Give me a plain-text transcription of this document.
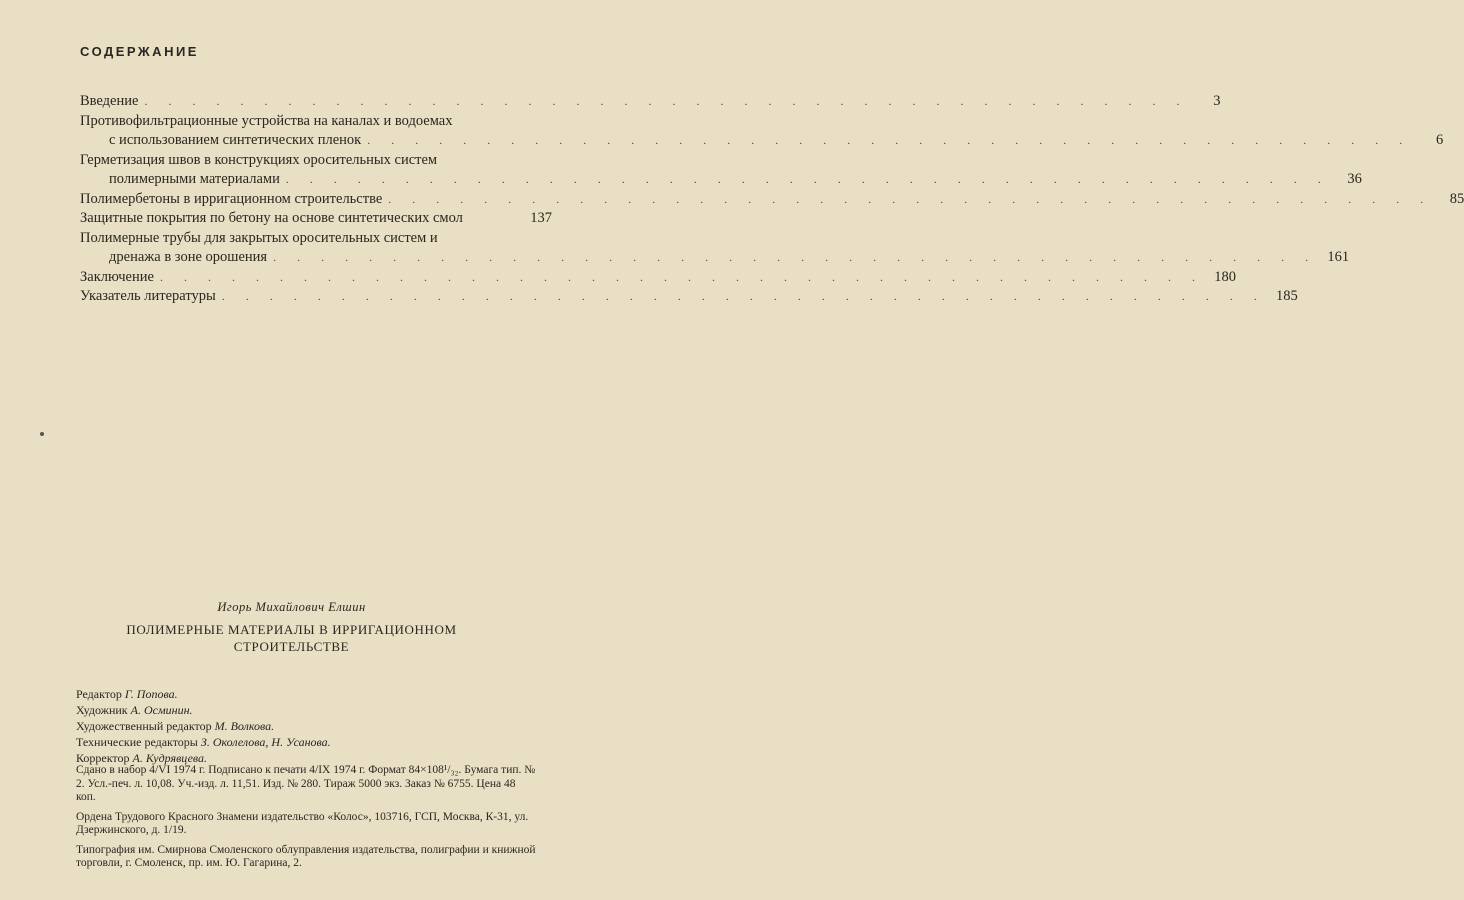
СОДЕРЖАНИЕ
Введение . . . . . . . . . . . . . . . . . . . . . . . . . . . . . . . . . . . . . . . . . . . .	3
Противофильтрационные устройства на каналах и водоемах
с использованием синтетических пленок . . . . . . . . . . . . . . . . . . . . . . . . . . . . . . . . . . . . . . . . . . . .	6
Герметизация швов в конструкциях оросительных систем
полимерными материалами . . . . . . . . . . . . . . . . . . . . . . . . . . . . . . . . . . . . . . . . . . . .	36
Полимербетоны в ирригационном строительстве . . . . . . . . . . . . . . . . . . . . . . . . . . . . . . . . . . . . . . . . . . . .	85
Защитные покрытия по бетону на основе синтетических смол	137
Полимерные трубы для закрытых оросительных систем и
дренажа в зоне орошения . . . . . . . . . . . . . . . . . . . . . . . . . . . . . . . . . . . . . . . . . . . . 161
Заключение . . . . . . . . . . . . . . . . . . . . . . . . . . . . . . . . . . . . . . . . . . . . 180
Указатель литературы . . . . . . . . . . . . . . . . . . . . . . . . . . . . . . . . . . . . . . . . . . . . 185
Игорь Михайлович Елшин
ПОЛИМЕРНЫЕ МАТЕРИАЛЫ В ИРРИГАЦИОННОМ
СТРОИТЕЛЬСТВЕ
Редактор Г. Попова.
Художник А. Осминин.
Художественный редактор М. Волкова.
Технические редакторы З. Околелова, Н. Усанова.
Корректор А. Кудрявцева.

Сдано в набор 4/VI 1974 г. Подписано к печати 4/IX 1974 г. Формат 84×108¹/₃₂. Бумага тип. № 2. Усл.-печ. л. 10,08. Уч.-изд. л. 11,51. Изд. № 280. Тираж 5000 экз. Заказ № 6755. Цена 48 коп.

Ордена Трудового Красного Знамени издательство «Колос», 103716, ГСП, Москва, К-31, ул. Дзержинского, д. 1/19.

Типография им. Смирнова Смоленского облуправления издательства, полиграфии и книжной торговли, г. Смоленск, пр. им. Ю. Гагарина, 2.
